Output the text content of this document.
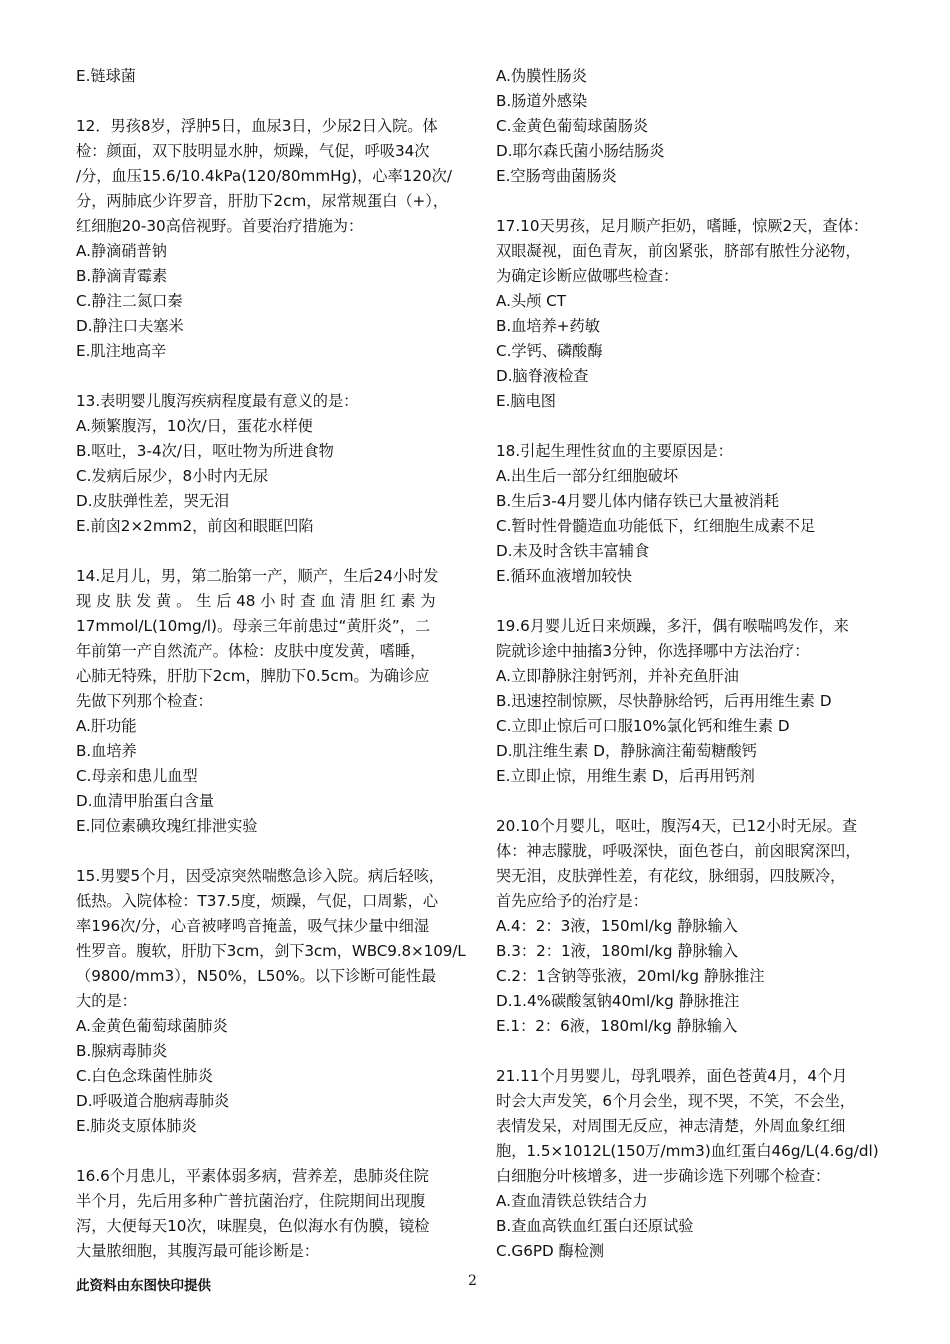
E.链球菌
12．男孩8岁，浮肿5日，血尿3日，少尿2日入院。体
检：颜面，双下肢明显水肿，烦躁，气促，呼吸34次
/分，血压15.6/10.4kPa(120/80mmHg)，心率120次/
分，两肺底少许罗音，肝肋下2cm，尿常规蛋白（+），
红细胞20-30高倍视野。首要治疗措施为：
A.静滴硝普钠
B.静滴青霉素
C.静注二氮口秦
D.静注口夫塞米
E.肌注地高辛
13.表明婴儿腹泻疾病程度最有意义的是：
A.频繁腹泻，10次/日，蛋花水样便
B.呕吐，3-4次/日，呕吐物为所进食物
C.发病后尿少，8小时内无尿
D.皮肤弹性差，哭无泪
E.前囟2×2mm2，前囟和眼眶凹陷
14.足月儿，男，第二胎第一产，顺产，生后24小时发
现 皮 肤 发 黄 。 生 后 48 小 时 查 血 清 胆 红 素 为
17mmol/L(10mg/l)。母亲三年前患过“黄肝炎”，二
年前第一产自然流产。体检：皮肤中度发黄，嗜睡，
心肺无特殊，肝肋下2cm，脾肋下0.5cm。为确诊应
先做下列那个检查：
A.肝功能
B.血培养
C.母亲和患儿血型
D.血清甲胎蛋白含量
E.同位素碘玫瑰红排泄实验
15.男婴5个月，因受凉突然喘憋急诊入院。病后轻咳，
低热。入院体检：T37.5度，烦躁，气促，口周紫，心
率196次/分，心音被哮鸣音掩盖，吸气抹少量中细湿
性罗音。腹软，肝肋下3cm，剑下3cm，WBC9.8×109/L
（9800/mm3），N50%，L50%。以下诊断可能性最
大的是：
A.金黄色葡萄球菌肺炎
B.腺病毒肺炎
C.白色念珠菌性肺炎
D.呼吸道合胞病毒肺炎
E.肺炎支原体肺炎
16.6个月患儿，平素体弱多病，营养差，患肺炎住院
半个月，先后用多种广普抗菌治疗，住院期间出现腹
泻，大便每天10次，味腥臭，色似海水有伪膜，镜检
大量脓细胞，其腹泻最可能诊断是：
A.伪膜性肠炎
B.肠道外感染
C.金黄色葡萄球菌肠炎
D.耶尔森氏菌小肠结肠炎
E.空肠弯曲菌肠炎
17.10天男孩，足月顺产拒奶，嗜睡，惊厥2天，查体：
双眼凝视，面色青灰，前囟紧张，脐部有脓性分泌物，
为确定诊断应做哪些检查：
A.头颅 CT
B.血培养+药敏
C.学钙、磷酸酶
D.脑脊液检查
E.脑电图
18.引起生理性贫血的主要原因是：
A.出生后一部分红细胞破坏
B.生后3-4月婴儿体内储存铁已大量被消耗
C.暂时性骨髓造血功能低下，红细胞生成素不足
D.未及时含铁丰富辅食
E.循环血液增加较快
19.6月婴儿近日来烦躁，多汗，偶有喉喘鸣发作，来
院就诊途中抽搐3分钟，你选择哪中方法治疗：
A.立即静脉注射钙剂，并补充鱼肝油
B.迅速控制惊厥，尽快静脉给钙，后再用维生素 D
C.立即止惊后可口服10%氯化钙和维生素 D
D.肌注维生素 D，静脉滴注葡萄糖酸钙
E.立即止惊，用维生素 D，后再用钙剂
20.10个月婴儿，呕吐，腹泻4天，已12小时无尿。查
体：神志朦胧，呼吸深快，面色苍白，前囟眼窝深凹，
哭无泪，皮肤弹性差，有花纹，脉细弱，四肢厥冷，
首先应给予的治疗是：
A.4：2：3液，150ml/kg 静脉输入
B.3：2：1液，180ml/kg 静脉输入
C.2：1含钠等张液，20ml/kg 静脉推注
D.1.4%碳酸氢钠40ml/kg 静脉推注
E.1：2：6液，180ml/kg 静脉输入
21.11个月男婴儿，母乳喂养，面色苍黄4月，4个月
时会大声发笑，6个月会坐，现不哭，不笑，不会坐，
表情发呆，对周围无反应，神志清楚，外周血象红细
胞，1.5×1012L(150万/mm3)血红蛋白46g/L(4.6g/dl)
白细胞分叶核增多，进一步确诊选下列哪个检查：
A.查血清铁总铁结合力
B.查血高铁血红蛋白还原试验
C.G6PD 酶检测
此资料由东图快印提供	2
